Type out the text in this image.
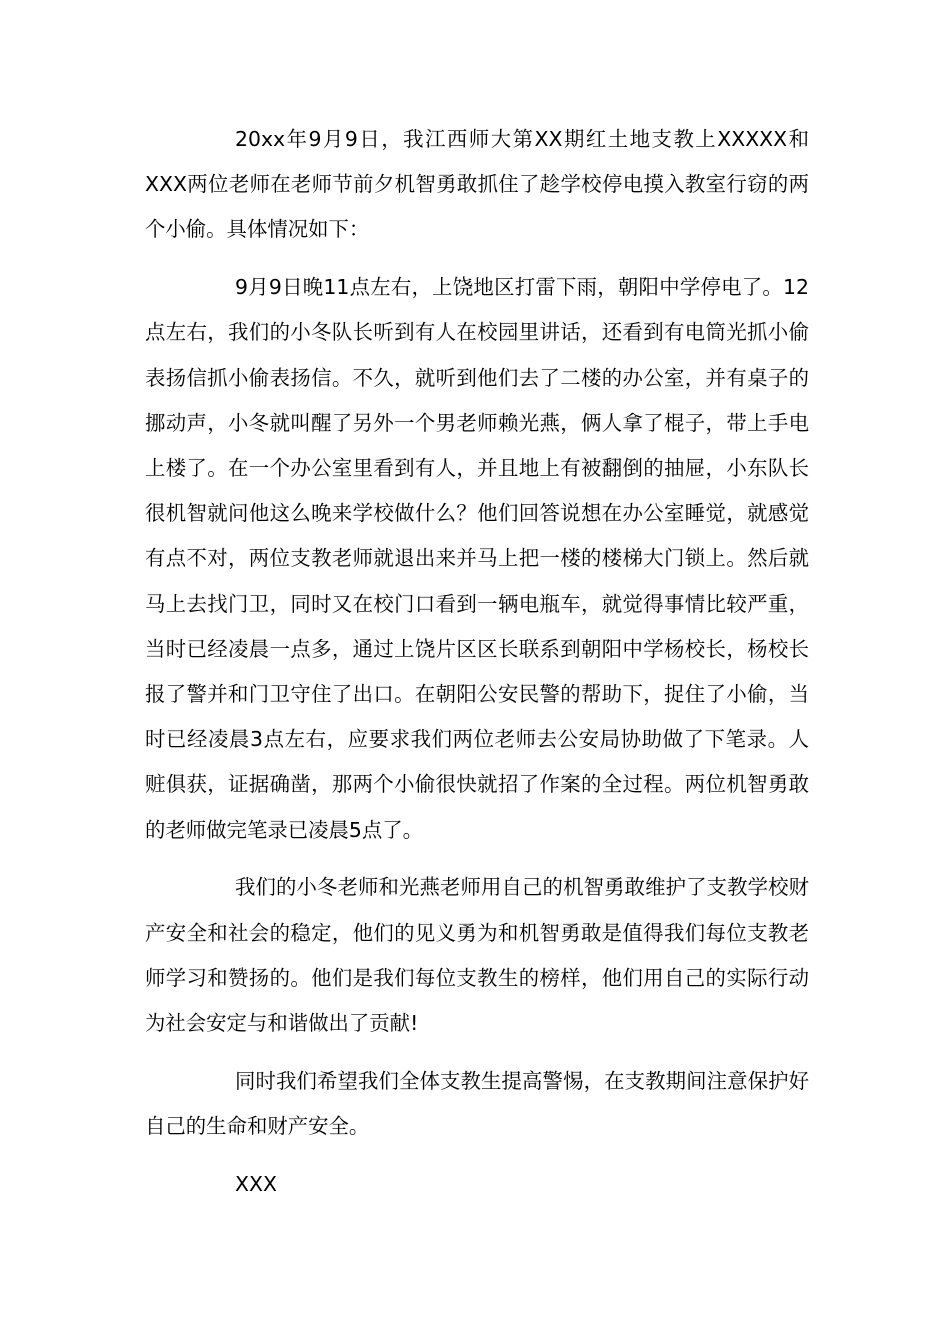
20xx年9月9日，我江西师大第XX期红土地支教上XXXXX和XXX两位老师在老师节前夕机智勇敢抓住了趁学校停电摸入教室行窃的两个小偷。具体情况如下：

9月9日晚11点左右，上饶地区打雷下雨，朝阳中学停电了。12点左右，我们的小冬队长听到有人在校园里讲话，还看到有电筒光抓小偷表扬信抓小偷表扬信。不久，就听到他们去了二楼的办公室，并有桌子的挪动声，小冬就叫醒了另外一个男老师赖光燕，俩人拿了棍子，带上手电上楼了。在一个办公室里看到有人，并且地上有被翻倒的抽屉，小东队长很机智就问他这么晚来学校做什么？他们回答说想在办公室睡觉，就感觉有点不对，两位支教老师就退出来并马上把一楼的楼梯大门锁上。然后就马上去找门卫，同时又在校门口看到一辆电瓶车，就觉得事情比较严重，当时已经凌晨一点多，通过上饶片区区长联系到朝阳中学杨校长，杨校长报了警并和门卫守住了出口。在朝阳公安民警的帮助下，捉住了小偷，当时已经凌晨3点左右，应要求我们两位老师去公安局协助做了下笔录。人赃俱获，证据确凿，那两个小偷很快就招了作案的全过程。两位机智勇敢的老师做完笔录已凌晨5点了。

我们的小冬老师和光燕老师用自己的机智勇敢维护了支教学校财产安全和社会的稳定，他们的见义勇为和机智勇敢是值得我们每位支教老师学习和赞扬的。他们是我们每位支教生的榜样，他们用自己的实际行动为社会安定与和谐做出了贡献!

同时我们希望我们全体支教生提高警惕，在支教期间注意保护好自己的生命和财产安全。

XXX
